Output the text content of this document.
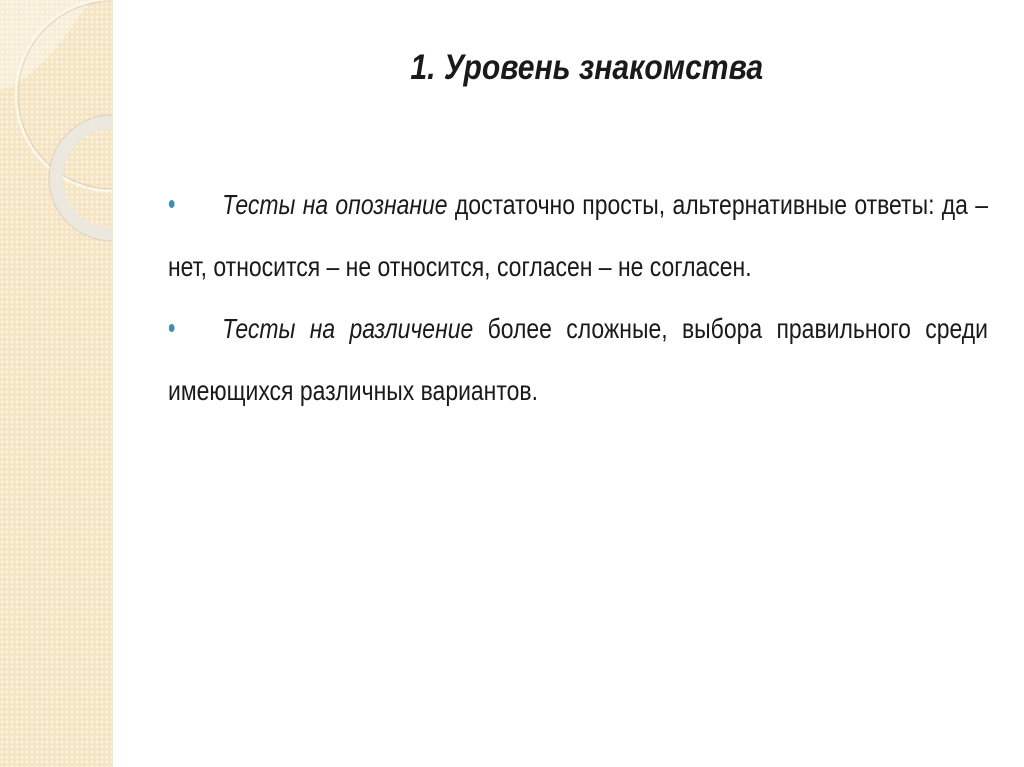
1. Уровень знакомства

Тесты на опознание достаточно просты, альтернативные ответы: да – нет, относится – не относится, согласен – не согласен.

Тесты на различение более сложные, выбора правильного среди имеющихся различных вариантов.
